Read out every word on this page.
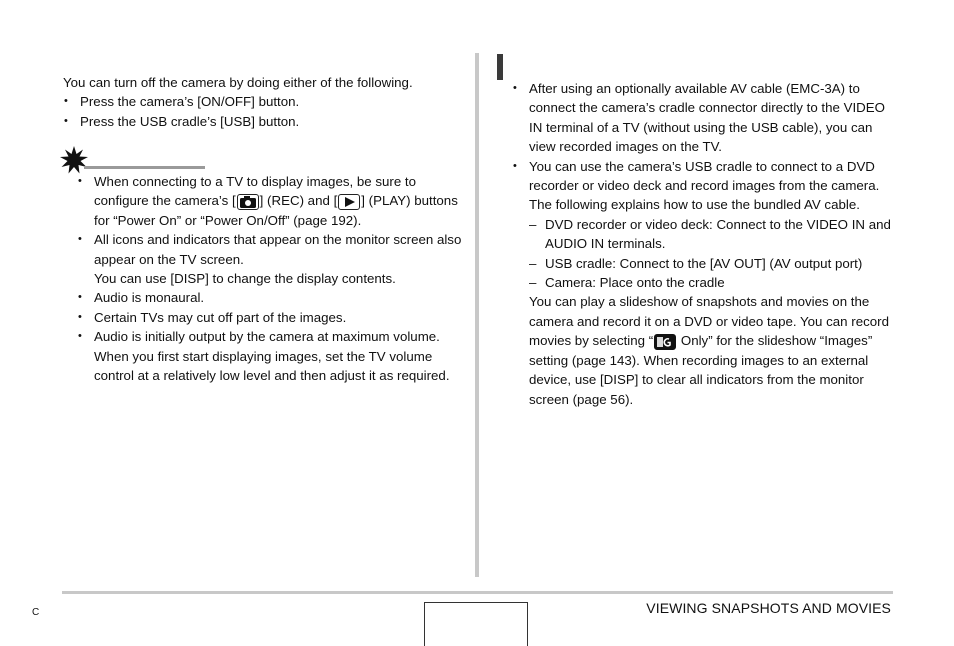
You can turn off the camera by doing either of the following.

• Press the camera’s [ON/OFF] button.
• Press the USB cradle’s [USB] button.
• When connecting to a TV to display images, be sure to configure the camera’s [ ] (REC) and [ ] (PLAY) buttons for “Power On” or “Power On/Off” (page 192).
• All icons and indicators that appear on the monitor screen also appear on the TV screen.
You can use [DISP] to change the display contents.
• Audio is monaural.
• Certain TVs may cut off part of the images.
• Audio is initially output by the camera at maximum volume. When you first start displaying images, set the TV volume control at a relatively low level and then adjust it as required.
• After using an optionally available AV cable (EMC-3A) to connect the camera’s cradle connector directly to the VIDEO IN terminal of a TV (without using the USB cable), you can view recorded images on the TV.
• You can use the camera’s USB cradle to connect to a DVD recorder or video deck and record images from the camera. The following explains how to use the bundled AV cable.
– DVD recorder or video deck: Connect to the VIDEO IN and AUDIO IN terminals.
– USB cradle: Connect to the [AV OUT] (AV output port)
– Camera: Place onto the cradle
You can play a slideshow of snapshots and movies on the camera and record it on a DVD or video tape. You can record movies by selecting “ Only” for the slideshow “Images” setting (page 143). When recording images to an external device, use [DISP] to clear all indicators from the monitor screen (page 56).
C	VIEWING SNAPSHOTS AND MOVIES
